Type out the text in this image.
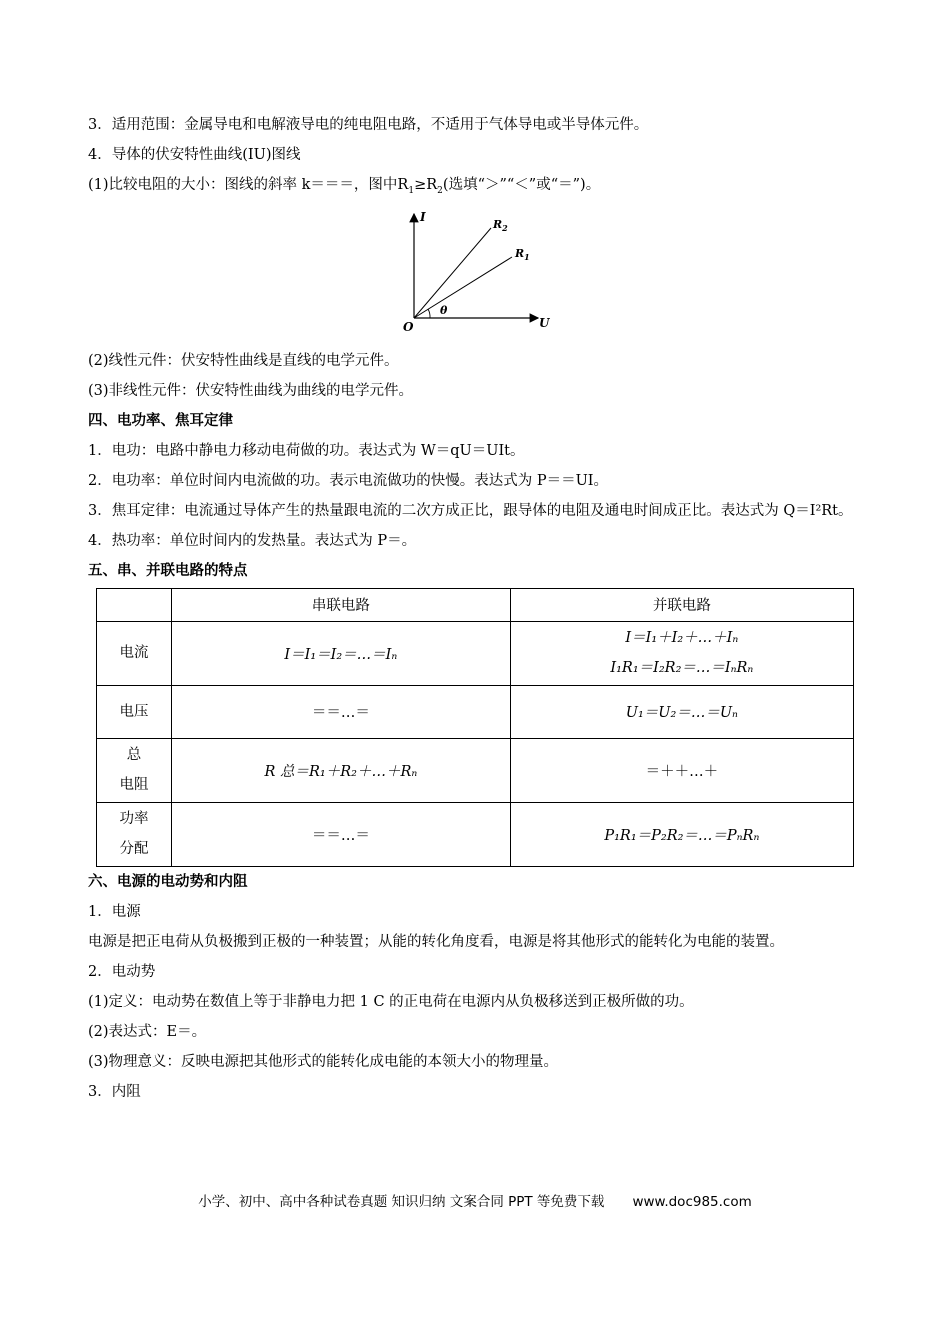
3．适用范围：金属导电和电解液导电的纯电阻电路，不适用于气体导电或半导体元件。
4．导体的伏安特性曲线(IU)图线
(1)比较电阻的大小：图线的斜率 k＝＝＝，图中$R_1\ge R_2$(选填“＞”“＜”或“＝”)。
I
U
O
θ
$R_2$
$R_1$
(2)线性元件：伏安特性曲线是直线的电学元件。
(3)非线性元件：伏安特性曲线为曲线的电学元件。
四、电功率、焦耳定律
1．电功：电路中静电力移动电荷做的功。表达式为 W＝qU＝UIt。
2．电功率：单位时间内电流做的功。表示电流做功的快慢。表达式为 P＝＝UI。
3．焦耳定律：电流通过导体产生的热量跟电流的二次方成正比，跟导体的电阻及通电时间成正比。表达式为 Q＝I²Rt。
4．热功率：单位时间内的发热量。表达式为 P＝。
五、串、并联电路的特点
	串联电路	并联电路
电流	I＝I₁＝I₂＝…＝Iₙ	I＝I₁＋I₂＋…＋Iₙ
I₁R₁＝I₂R₂＝…＝IₙRₙ

电压	＝＝…＝	U₁＝U₂＝…＝Uₙ

总
电阻	R 总＝R₁＋R₂＋…＋Rₙ	＝＋＋…＋

功率
分配	＝＝…＝	P₁R₁＝P₂R₂＝…＝PₙRₙ
六、电源的电动势和内阻
1．电源
电源是把正电荷从负极搬到正极的一种装置；从能的转化角度看，电源是将其他形式的能转化为电能的装置。
2．电动势
(1)定义：电动势在数值上等于非静电力把 1 C 的正电荷在电源内从负极移送到正极所做的功。
(2)表达式：E＝。
(3)物理意义：反映电源把其他形式的能转化成电能的本领大小的物理量。
3．内阻
小学、初中、高中各种试卷真题 知识归纳 文案合同 PPT 等免费下载 www.doc985.com
